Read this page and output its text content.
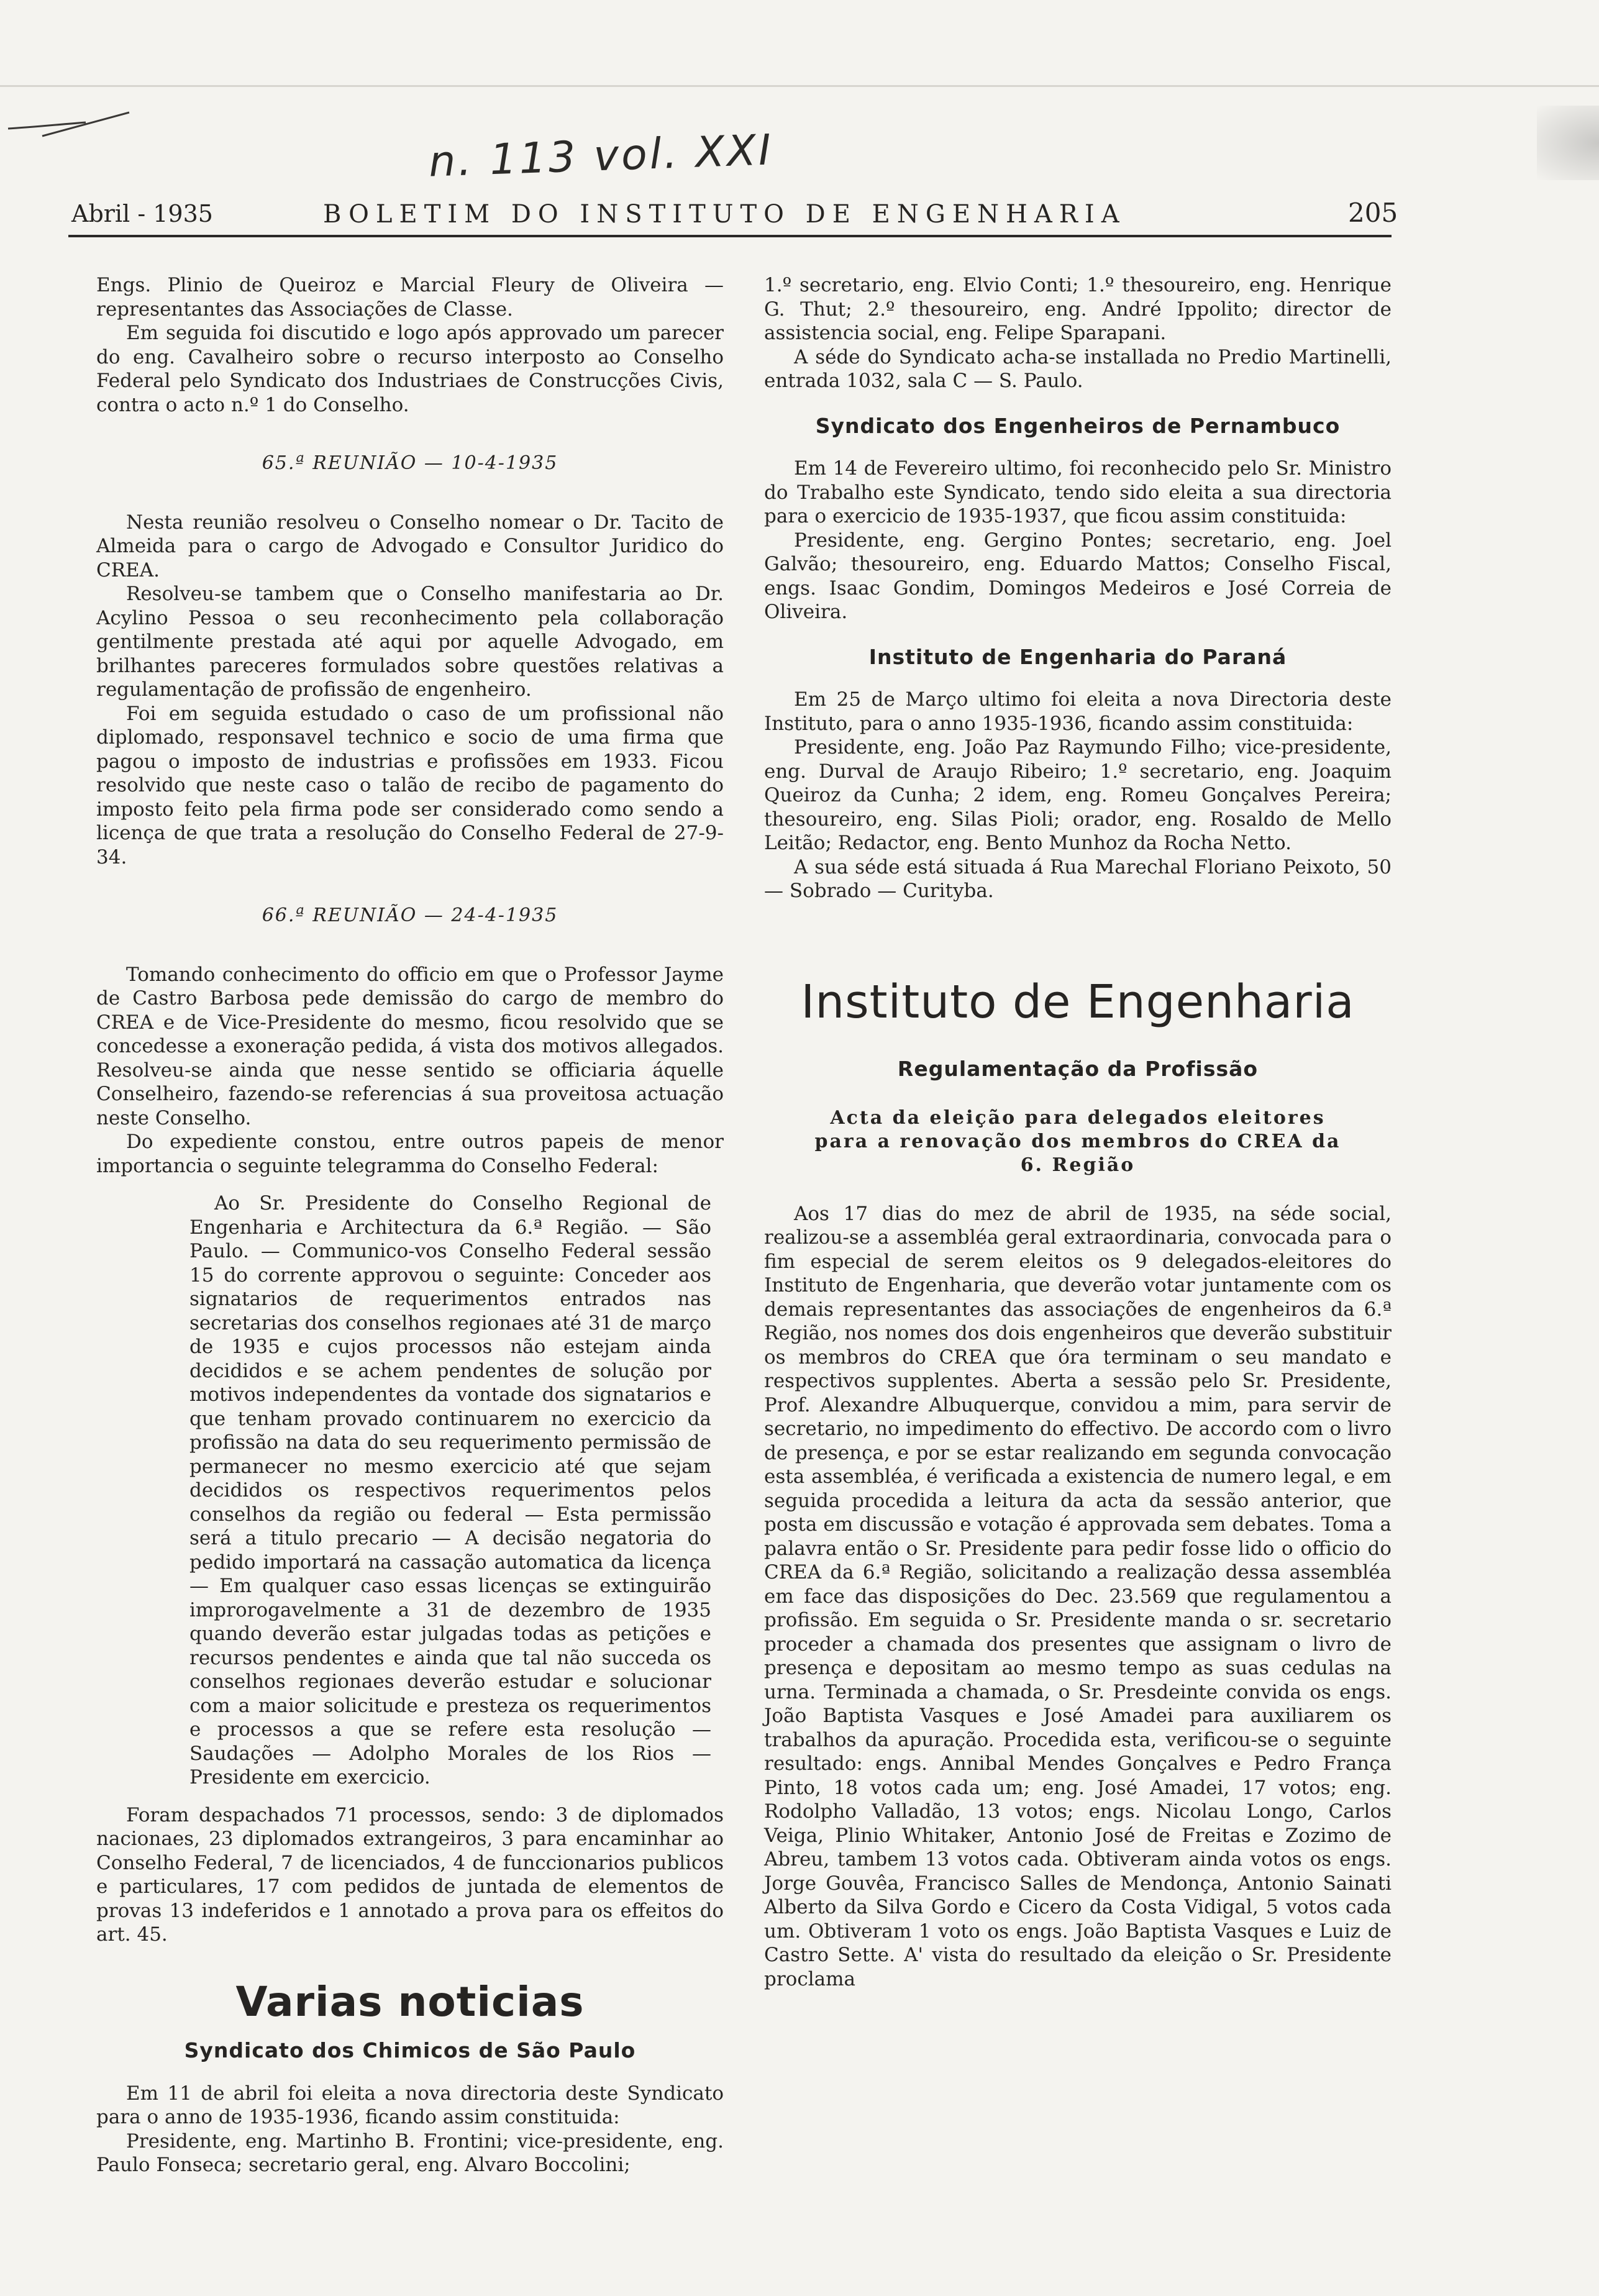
n. 113 vol. XXI
Abril - 1935	BOLETIM DO INSTITUTO DE ENGENHARIA	205

Engs. Plinio de Queiroz e Marcial Fleury de Oliveira — representantes das Associações de Classe.

Em seguida foi discutido e logo após approvado um parecer do eng. Cavalheiro sobre o recurso interposto ao Conselho Federal pelo Syndicato dos Industriaes de Construcções Civis, contra o acto n.º 1 do Conselho.

65.ª REUNIÃO — 10-4-1935

Nesta reunião resolveu o Conselho nomear o Dr. Tacito de Almeida para o cargo de Advogado e Consultor Juridico do CREA.

Resolveu-se tambem que o Conselho manifestaria ao Dr. Acylino Pessoa o seu reconhecimento pela collaboração gentilmente prestada até aqui por aquelle Advogado, em brilhantes pareceres formulados sobre questões relativas a regulamentação de profissão de engenheiro.

Foi em seguida estudado o caso de um profissional não diplomado, responsavel technico e socio de uma firma que pagou o imposto de industrias e profissões em 1933. Ficou resolvido que neste caso o talão de recibo de pagamento do imposto feito pela firma pode ser considerado como sendo a licença de que trata a resolução do Conselho Federal de 27-9-34.

66.ª REUNIÃO — 24-4-1935

Tomando conhecimento do officio em que o Professor Jayme de Castro Barbosa pede demissão do cargo de membro do CREA e de Vice-Presidente do mesmo, ficou resolvido que se concedesse a exoneração pedida, á vista dos motivos allegados. Resolveu-se ainda que nesse sentido se officiaria áquelle Conselheiro, fazendo-se referencias á sua proveitosa actuação neste Conselho.

Do expediente constou, entre outros papeis de menor importancia o seguinte telegramma do Conselho Federal:

Ao Sr. Presidente do Conselho Regional de Engenharia e Architectura da 6.ª Região. — São Paulo. — Communico-vos Conselho Federal sessão 15 do corrente approvou o seguinte: Conceder aos signatarios de requerimentos entrados nas secretarias dos conselhos regionaes até 31 de março de 1935 e cujos processos não estejam ainda decididos e se achem pendentes de solução por motivos independentes da vontade dos signatarios e que tenham provado continuarem no exercicio da profissão na data do seu requerimento permissão de permanecer no mesmo exercicio até que sejam decididos os respectivos requerimentos pelos conselhos da região ou federal — Esta permissão será a titulo precario — A decisão negatoria do pedido importará na cassação automatica da licença — Em qualquer caso essas licenças se extinguirão improrogavelmente a 31 de dezembro de 1935 quando deverão estar julgadas todas as petições e recursos pendentes e ainda que tal não succeda os conselhos regionaes deverão estudar e solucionar com a maior solicitude e presteza os requerimentos e processos a que se refere esta resolução — Saudações — Adolpho Morales de los Rios — Presidente em exercicio.

Foram despachados 71 processos, sendo: 3 de diplomados nacionaes, 23 diplomados extrangeiros, 3 para encaminhar ao Conselho Federal, 7 de licenciados, 4 de funccionarios publicos e particulares, 17 com pedidos de juntada de elementos de provas 13 indeferidos e 1 annotado a prova para os effeitos do art. 45.

Varias noticias
Syndicato dos Chimicos de São Paulo

Em 11 de abril foi eleita a nova directoria deste Syndicato para o anno de 1935-1936, ficando assim constituida:

Presidente, eng. Martinho B. Frontini; vice-presidente, eng. Paulo Fonseca; secretario geral, eng. Alvaro Boccolini;

1.º secretario, eng. Elvio Conti; 1.º thesoureiro, eng. Henrique G. Thut; 2.º thesoureiro, eng. André Ippolito; director de assistencia social, eng. Felipe Sparapani.

A séde do Syndicato acha-se installada no Predio Martinelli, entrada 1032, sala C — S. Paulo.

Syndicato dos Engenheiros de Pernambuco

Em 14 de Fevereiro ultimo, foi reconhecido pelo Sr. Ministro do Trabalho este Syndicato, tendo sido eleita a sua directoria para o exercicio de 1935-1937, que ficou assim constituida:

Presidente, eng. Gergino Pontes; secretario, eng. Joel Galvão; thesoureiro, eng. Eduardo Mattos; Conselho Fiscal, engs. Isaac Gondim, Domingos Medeiros e José Correia de Oliveira.

Instituto de Engenharia do Paraná

Em 25 de Março ultimo foi eleita a nova Directoria deste Instituto, para o anno 1935-1936, ficando assim constituida:

Presidente, eng. João Paz Raymundo Filho; vice-presidente, eng. Durval de Araujo Ribeiro; 1.º secretario, eng. Joaquim Queiroz da Cunha; 2 idem, eng. Romeu Gonçalves Pereira; thesoureiro, eng. Silas Pioli; orador, eng. Rosaldo de Mello Leitão; Redactor, eng. Bento Munhoz da Rocha Netto.

A sua séde está situada á Rua Marechal Floriano Peixoto, 50 — Sobrado — Curityba.

Instituto de Engenharia
Regulamentação da Profissão
Acta da eleição para delegados eleitores para a renovação dos membros do CREA da 6. Região

Aos 17 dias do mez de abril de 1935, na séde social, realizou-se a assembléa geral extraordinaria, convocada para o fim especial de serem eleitos os 9 delegados-eleitores do Instituto de Engenharia, que deverão votar juntamente com os demais representantes das associações de engenheiros da 6.ª Região, nos nomes dos dois engenheiros que deverão substituir os membros do CREA que óra terminam o seu mandato e respectivos supplentes. Aberta a sessão pelo Sr. Presidente, Prof. Alexandre Albuquerque, convidou a mim, para servir de secretario, no impedimento do effectivo. De accordo com o livro de presença, e por se estar realizando em segunda convocação esta assembléa, é verificada a existencia de numero legal, e em seguida procedida a leitura da acta da sessão anterior, que posta em discussão e votação é approvada sem debates. Toma a palavra então o Sr. Presidente para pedir fosse lido o officio do CREA da 6.ª Região, solicitando a realização dessa assembléa em face das disposições do Dec. 23.569 que regulamentou a profissão. Em seguida o Sr. Presidente manda o sr. secretario proceder a chamada dos presentes que assignam o livro de presença e depositam ao mesmo tempo as suas cedulas na urna. Terminada a chamada, o Sr. Presdeinte convida os engs. João Baptista Vasques e José Amadei para auxiliarem os trabalhos da apuração. Procedida esta, verificou-se o seguinte resultado: engs. Annibal Mendes Gonçalves e Pedro França Pinto, 18 votos cada um; eng. José Amadei, 17 votos; eng. Rodolpho Valladão, 13 votos; engs. Nicolau Longo, Carlos Veiga, Plinio Whitaker, Antonio José de Freitas e Zozimo de Abreu, tambem 13 votos cada. Obtiveram ainda votos os engs. Jorge Gouvêa, Francisco Salles de Mendonça, Antonio Sainati Alberto da Silva Gordo e Cicero da Costa Vidigal, 5 votos cada um. Obtiveram 1 voto os engs. João Baptista Vasques e Luiz de Castro Sette. A' vista do resultado da eleição o Sr. Presidente proclama
